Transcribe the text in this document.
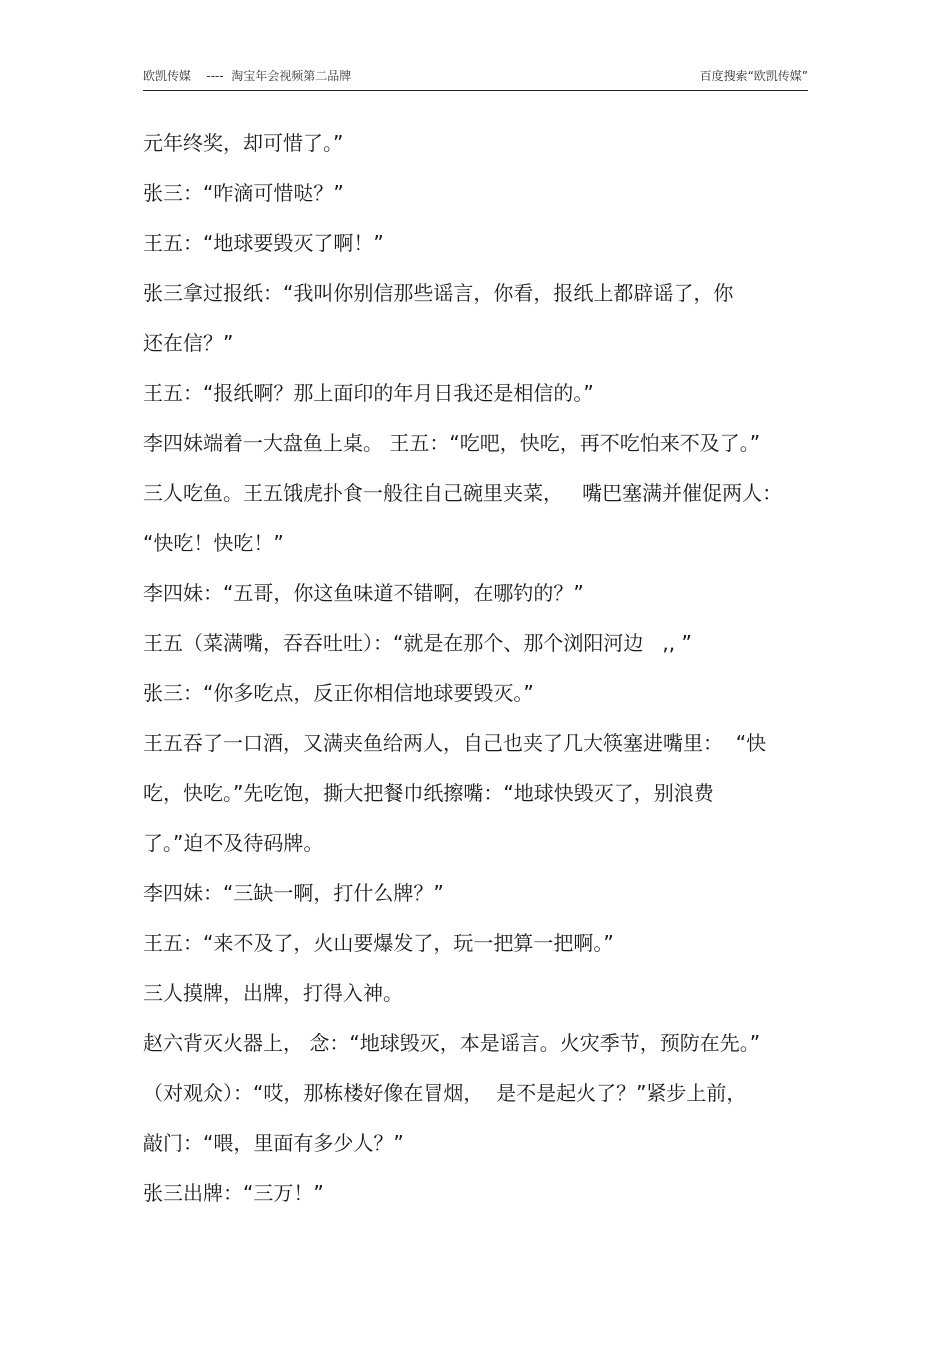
欧凯传媒    ----  淘宝年会视频第二品牌	百度搜索“欧凯传媒”
元年终奖，却可惜了。”
张三：“咋滴可惜哒？”
王五：“地球要毁灭了啊！”
张三拿过报纸：“我叫你别信那些谣言，你看，报纸上都辟谣了，你
还在信？”
王五：“报纸啊？那上面印的年月日我还是相信的。”
李四妹端着一大盘鱼上桌。 王五：“吃吧，快吃，再不吃怕来不及了。”
三人吃鱼。王五饿虎扑食一般往自己碗里夹菜，   嘴巴塞满并催促两人：
“快吃！快吃！”
李四妹：“五哥，你这鱼味道不错啊，在哪钓的？”
王五（菜满嘴，吞吞吐吐）：“就是在那个、那个浏阳河边   ,, ”
张三：“你多吃点，反正你相信地球要毁灭。”
王五吞了一口酒，又满夹鱼给两人，自己也夹了几大筷塞进嘴里：  “快
吃，快吃。”先吃饱，撕大把餐巾纸擦嘴：“地球快毁灭了，别浪费
了。”迫不及待码牌。
李四妹：“三缺一啊，打什么牌？”
王五：“来不及了，火山要爆发了，玩一把算一把啊。”
三人摸牌，出牌，打得入神。
赵六背灭火器上， 念：“地球毁灭，本是谣言。火灾季节，预防在先。”
（对观众）：“哎，那栋楼好像在冒烟，  是不是起火了？”紧步上前，
敲门：“喂，里面有多少人？”
张三出牌：“三万！”
